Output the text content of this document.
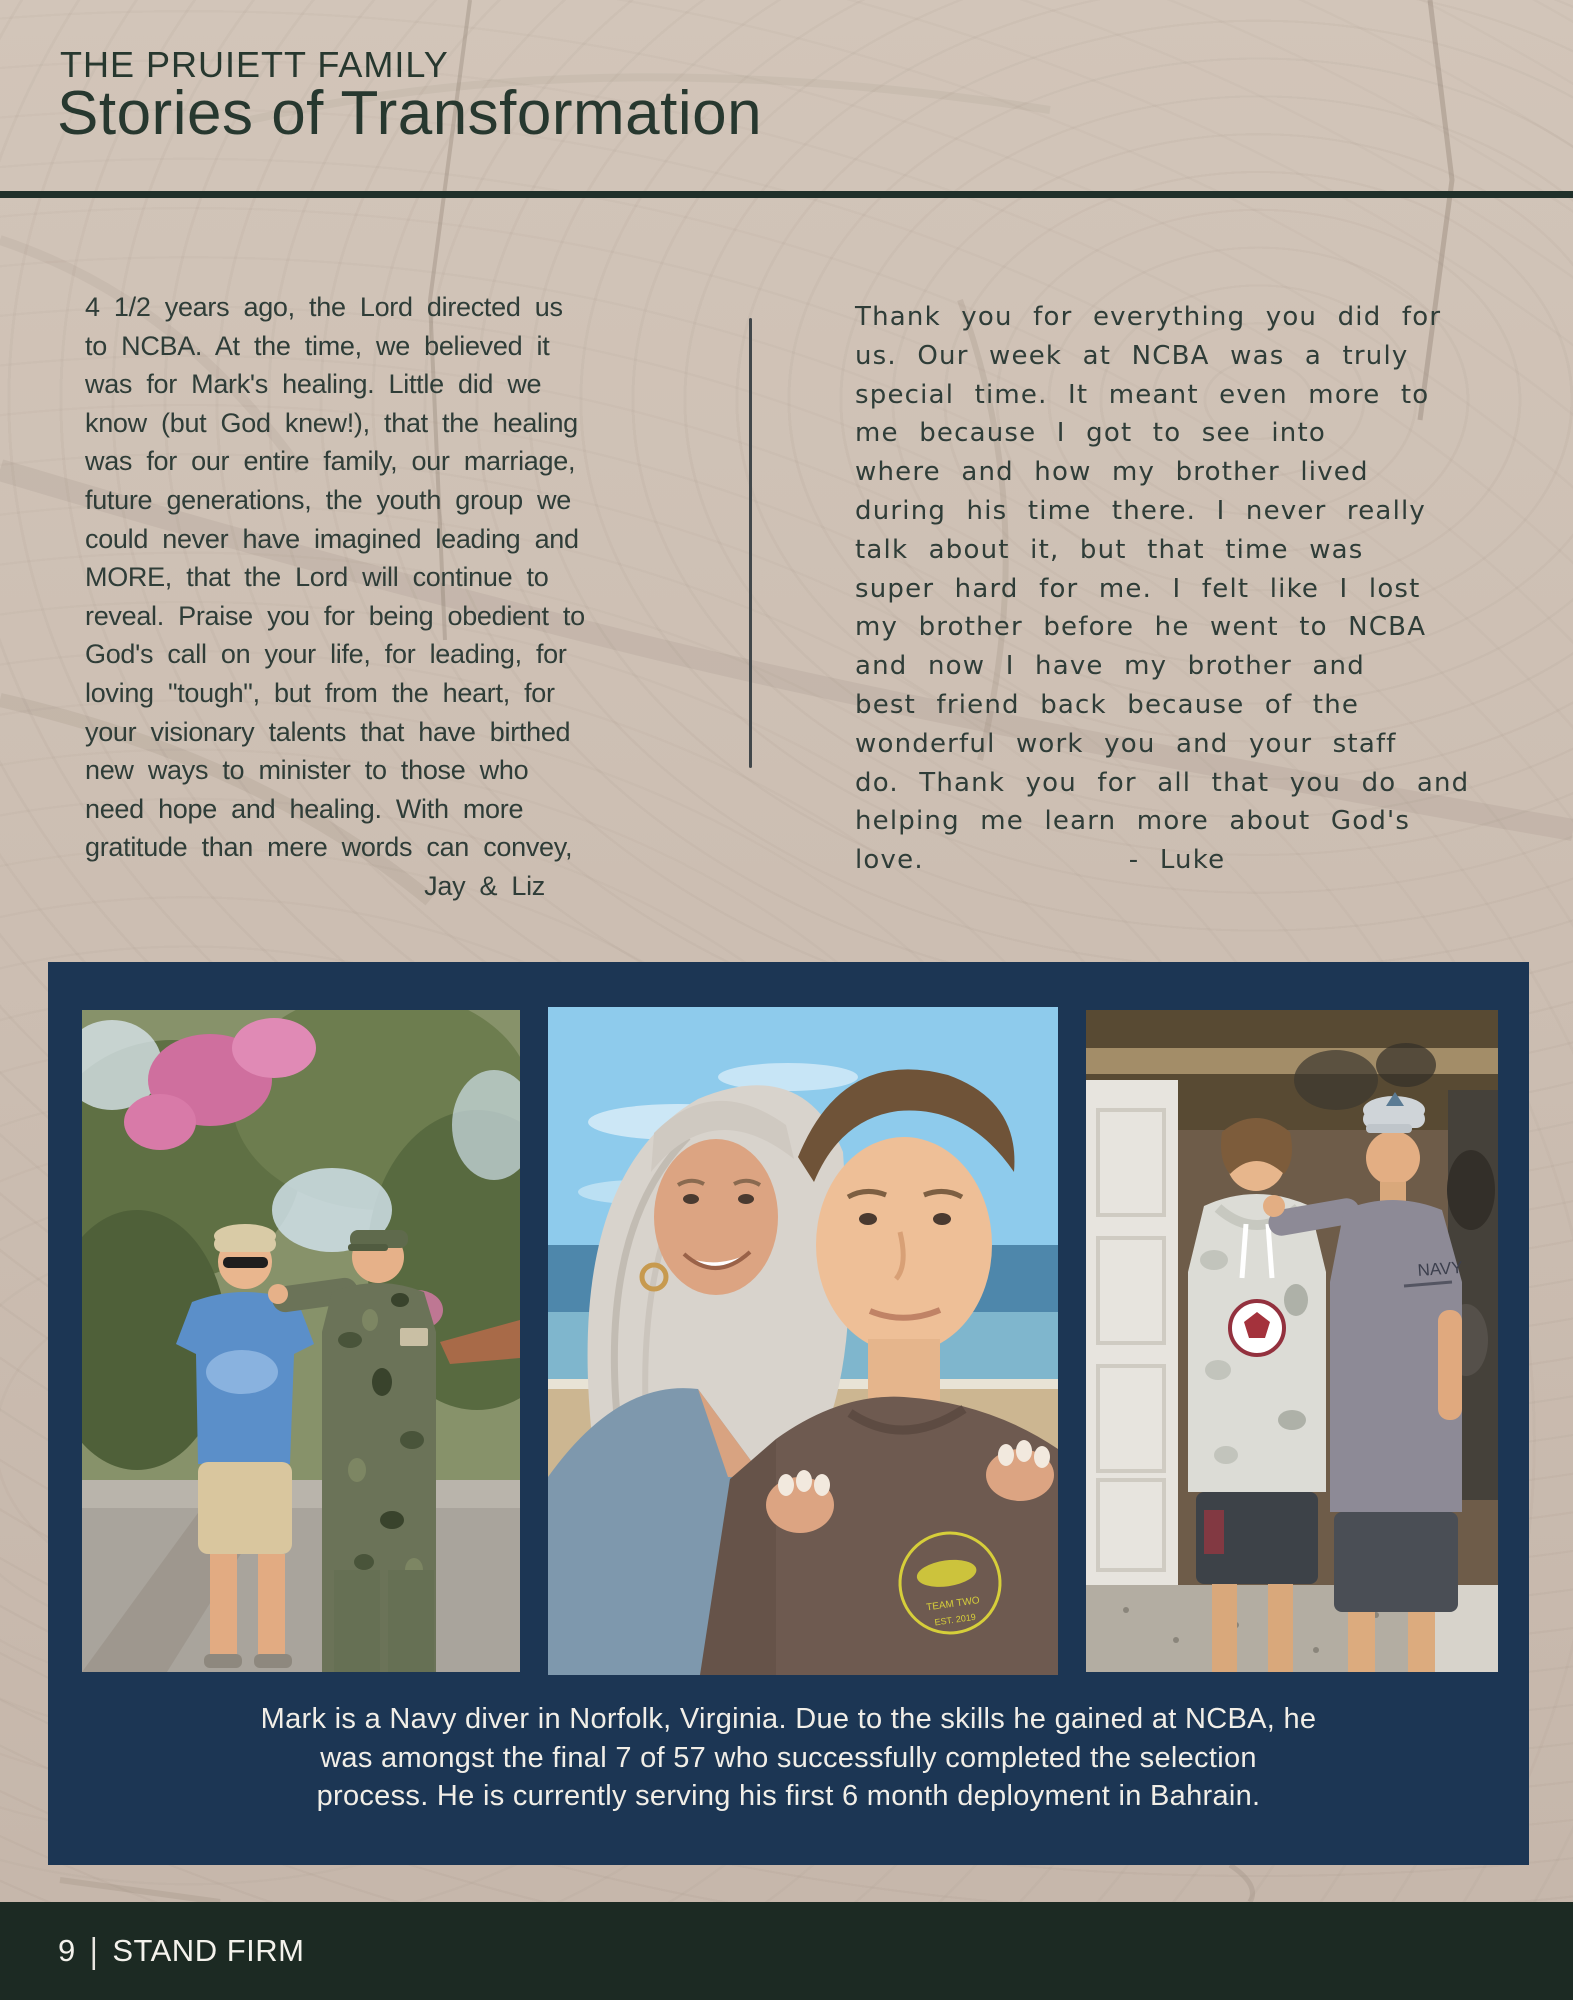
THE PRUIETT FAMILY
Stories of Transformation
4 1/2 years ago, the Lord directed us
to NCBA. At the time, we believed it
was for Mark's healing. Little did we
know (but God knew!), that the healing
was for our entire family, our marriage,
future generations, the youth group we
could never have imagined leading and
MORE, that the Lord will continue to
reveal. Praise you for being obedient to
God's call on your life, for leading, for
loving "tough", but from the heart, for
your visionary talents that have birthed
new ways to minister to those who
need hope and healing. With more
gratitude than mere words can convey,
Jay & Liz
Thank you for everything you did for
us. Our week at NCBA was a truly
special time. It meant even more to
me because I got to see into
where and how my brother lived
during his time there. I never really
talk about it, but that time was
super hard for me. I felt like I lost
my brother before he went to NCBA
and now I have my brother and
best friend back because of the
wonderful work you and your staff
do. Thank you for all that you do and
helping me learn more about God's
love.	- Luke
TEAM TWO
EST. 2019
NAVY
Mark is a Navy diver in Norfolk, Virginia. Due to the skills he gained at NCBA, he
was amongst the final 7 of 57 who successfully completed the selection
process. He is currently serving his first 6 month deployment in Bahrain.
9 | STAND FIRM
